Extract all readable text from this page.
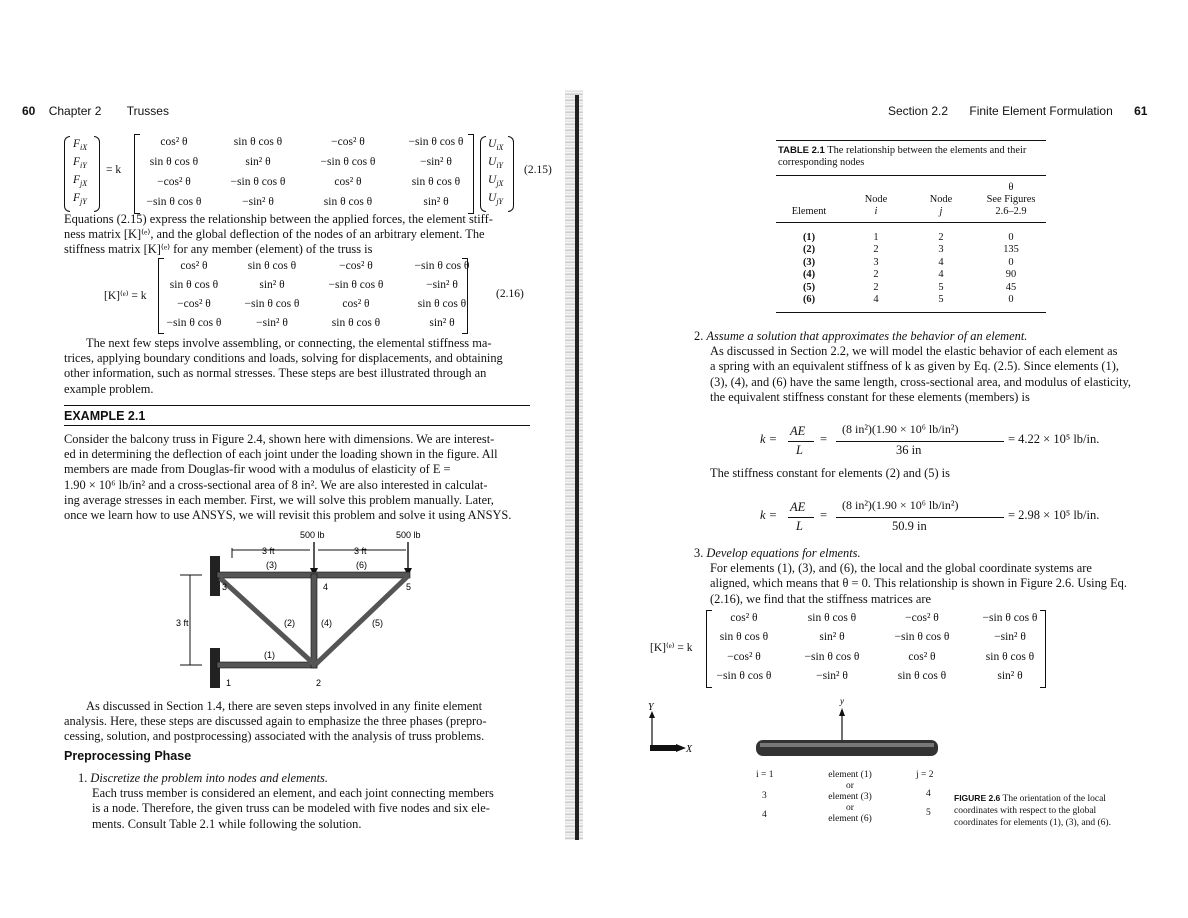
60 Chapter 2 Trusses
$F_{iX}$
$F_{iY}$
$F_{jX}$
$F_{jY}$
= k
cos² θ	sin θ cos θ	−cos² θ	−sin θ cos θ
sin θ cos θ	sin² θ	−sin θ cos θ	−sin² θ
−cos² θ	−sin θ cos θ	cos² θ	sin θ cos θ
−sin θ cos θ	−sin² θ	sin θ cos θ	sin² θ
$U_{iX}$
$U_{iY}$
$U_{jX}$
$U_{jY}$
(2.15)
Equations (2.15) express the relationship between the applied forces, the element stiff-
ness matrix [K]⁽ᵉ⁾, and the global deflection of the nodes of an arbitrary element. The
stiffness matrix [K]⁽ᵉ⁾ for any member (element) of the truss is
[K]⁽ᵉ⁾ = k
cos² θ	sin θ cos θ	−cos² θ	−sin θ cos θ
sin θ cos θ	sin² θ	−sin θ cos θ	−sin² θ
−cos² θ	−sin θ cos θ	cos² θ	sin θ cos θ
−sin θ cos θ	−sin² θ	sin θ cos θ	sin² θ
(2.16)
The next few steps involve assembling, or connecting, the elemental stiffness ma-
trices, applying boundary conditions and loads, solving for displacements, and obtaining
other information, such as normal stresses. These steps are best illustrated through an
example problem.
EXAMPLE 2.1
Consider the balcony truss in Figure 2.4, shown here with dimensions. We are interest-
ed in determining the deflection of each joint under the loading shown in the figure. All
members are made from Douglas-fir wood with a modulus of elasticity of E =
1.90 × 10⁶ lb/in² and a cross-sectional area of 8 in². We are also interested in calculat-
ing average stresses in each member. First, we will solve this problem manually. Later,
once we learn how to use ANSYS, we will revisit this problem and solve it using ANSYS.
500 lb	500 lb
3 ft	3 ft
(3)	(6)
3 ft
3	4	5
(2)	(4)	(5)
(1)
1	2
As discussed in Section 1.4, there are seven steps involved in any finite element
analysis. Here, these steps are discussed again to emphasize the three phases (prepro-
cessing, solution, and postprocessing) associated with the analysis of truss problems.
Preprocessing Phase
1. Discretize the problem into nodes and elements.
Each truss member is considered an element, and each joint connecting members
is a node. Therefore, the given truss can be modeled with five nodes and six ele-
ments. Consult Table 2.1 while following the solution.
Section 2.2 Finite Element Formulation 61
TABLE 2.1 The relationship between the elements and their
corresponding nodes
θ
Node	Node	See Figures
Element	i	j	2.6–2.9
(1)	1	2	0
(2)	2	3	135
(3)	3	4	0
(4)	2	4	90
(5)	2	5	45
(6)	4	5	0
2. Assume a solution that approximates the behavior of an element.
As discussed in Section 2.2, we will model the elastic behavior of each element as
a spring with an equivalent stiffness of k as given by Eq. (2.5). Since elements (1),
(3), (4), and (6) have the same length, cross-sectional area, and modulus of elasticity,
the equivalent stiffness constant for these elements (members) is
k =
AE
L
=
(8 in²)(1.90 × 10⁶ lb/in²)
36 in
= 4.22 × 10⁵ lb/in.
The stiffness constant for elements (2) and (5) is
k =
AE
L
=
(8 in²)(1.90 × 10⁶ lb/in²)
50.9 in
= 2.98 × 10⁵ lb/in.
3. Develop equations for elments.
For elements (1), (3), and (6), the local and the global coordinate systems are
aligned, which means that θ = 0. This relationship is shown in Figure 2.6. Using Eq.
(2.16), we find that the stiffness matrices are
[K]⁽ᵉ⁾ = k
cos² θ	sin θ cos θ	−cos² θ	−sin θ cos θ
sin θ cos θ	sin² θ	−sin θ cos θ	−sin² θ
−cos² θ	−sin θ cos θ	cos² θ	sin θ cos θ
−sin θ cos θ	−sin² θ	sin θ cos θ	sin² θ
Y
X
y
i = 1
3
4
element (1)
or
element (3)
or
element (6)
j = 2
4
5
FIGURE 2.6 The orientation of the local
coordinates with respect to the global
coordinates for elements (1), (3), and (6).
